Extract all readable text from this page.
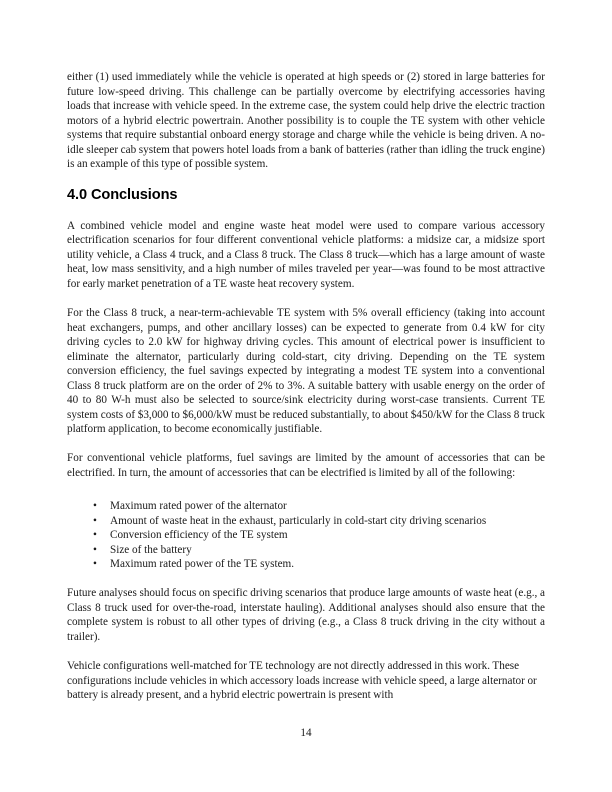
either (1) used immediately while the vehicle is operated at high speeds or (2) stored in large batteries for future low-speed driving. This challenge can be partially overcome by electrifying accessories having loads that increase with vehicle speed. In the extreme case, the system could help drive the electric traction motors of a hybrid electric powertrain. Another possibility is to couple the TE system with other vehicle systems that require substantial onboard energy storage and charge while the vehicle is being driven. A no-idle sleeper cab system that powers hotel loads from a bank of batteries (rather than idling the truck engine) is an example of this type of possible system.

4.0 Conclusions

A combined vehicle model and engine waste heat model were used to compare various accessory electrification scenarios for four different conventional vehicle platforms: a midsize car, a midsize sport utility vehicle, a Class 4 truck, and a Class 8 truck. The Class 8 truck—which has a large amount of waste heat, low mass sensitivity, and a high number of miles traveled per year—was found to be most attractive for early market penetration of a TE waste heat recovery system.

For the Class 8 truck, a near-term-achievable TE system with 5% overall efficiency (taking into account heat exchangers, pumps, and other ancillary losses) can be expected to generate from 0.4 kW for city driving cycles to 2.0 kW for highway driving cycles. This amount of electrical power is insufficient to eliminate the alternator, particularly during cold-start, city driving. Depending on the TE system conversion efficiency, the fuel savings expected by integrating a modest TE system into a conventional Class 8 truck platform are on the order of 2% to 3%. A suitable battery with usable energy on the order of 40 to 80 W-h must also be selected to source/sink electricity during worst-case transients. Current TE system costs of $3,000 to $6,000/kW must be reduced substantially, to about $450/kW for the Class 8 truck platform application, to become economically justifiable.

For conventional vehicle platforms, fuel savings are limited by the amount of accessories that can be electrified. In turn, the amount of accessories that can be electrified is limited by all of the following:

• Maximum rated power of the alternator
• Amount of waste heat in the exhaust, particularly in cold-start city driving scenarios
• Conversion efficiency of the TE system
• Size of the battery
• Maximum rated power of the TE system.

Future analyses should focus on specific driving scenarios that produce large amounts of waste heat (e.g., a Class 8 truck used for over-the-road, interstate hauling). Additional analyses should also ensure that the complete system is robust to all other types of driving (e.g., a Class 8 truck driving in the city without a trailer).

Vehicle configurations well-matched for TE technology are not directly addressed in this work. These configurations include vehicles in which accessory loads increase with vehicle speed, a large alternator or battery is already present, and a hybrid electric powertrain is present with

14
